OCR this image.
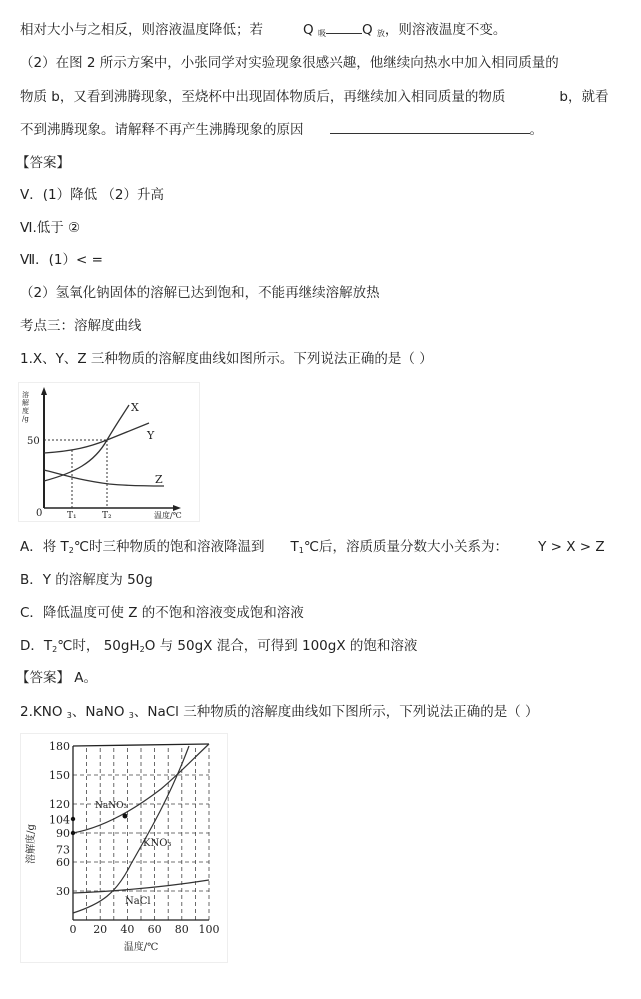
相对大小与之相反，则溶液温度降低；若	Q $_吸$	Q $_放$，则溶液温度不变。
（2）在图 2 所示方案中，小张同学对实验现象很感兴趣，他继续向热水中加入相同质量的
物质 b，又看到沸腾现象，至烧杯中出现固体物质后，再继续加入相同质量的物质	b，就看
不到沸腾现象。请解释不再产生沸腾现象的原因	。
【答案】
Ⅴ．(1）降低 （2）升高
Ⅵ.低于 ②
Ⅶ．(1）< =
（2）氢氧化钠固体的溶解已达到饱和，不能再继续溶解放热
考点三：溶解度曲线
1.X、Y、Z 三种物质的溶解度曲线如图所示。下列说法正确的是（ ）
溶
解
度
/g
50
0	T₁	T₂	温度/℃
X
Y
Z
A．将 $T_2℃$时三种物质的饱和溶液降温到 $T_1℃$后，溶质质量分数大小关系为： Y > X > Z
B．Y 的溶解度为 50g
C．降低温度可使 Z 的不饱和溶液变成饱和溶液
D．$T_2℃$时， $50gH_2O$ 与 50gX 混合，可得到 100gX 的饱和溶液
【答案】 A。
2.KNO $_3$、NaNO $_3$、NaCl 三种物质的溶解度曲线如下图所示，下列说法正确的是（ ）
180
150
120
104
90
73
60
30
0 20 40 60 80 100
NaNO₃
KNO₃
NaCl
溶解度/g
温度/℃
